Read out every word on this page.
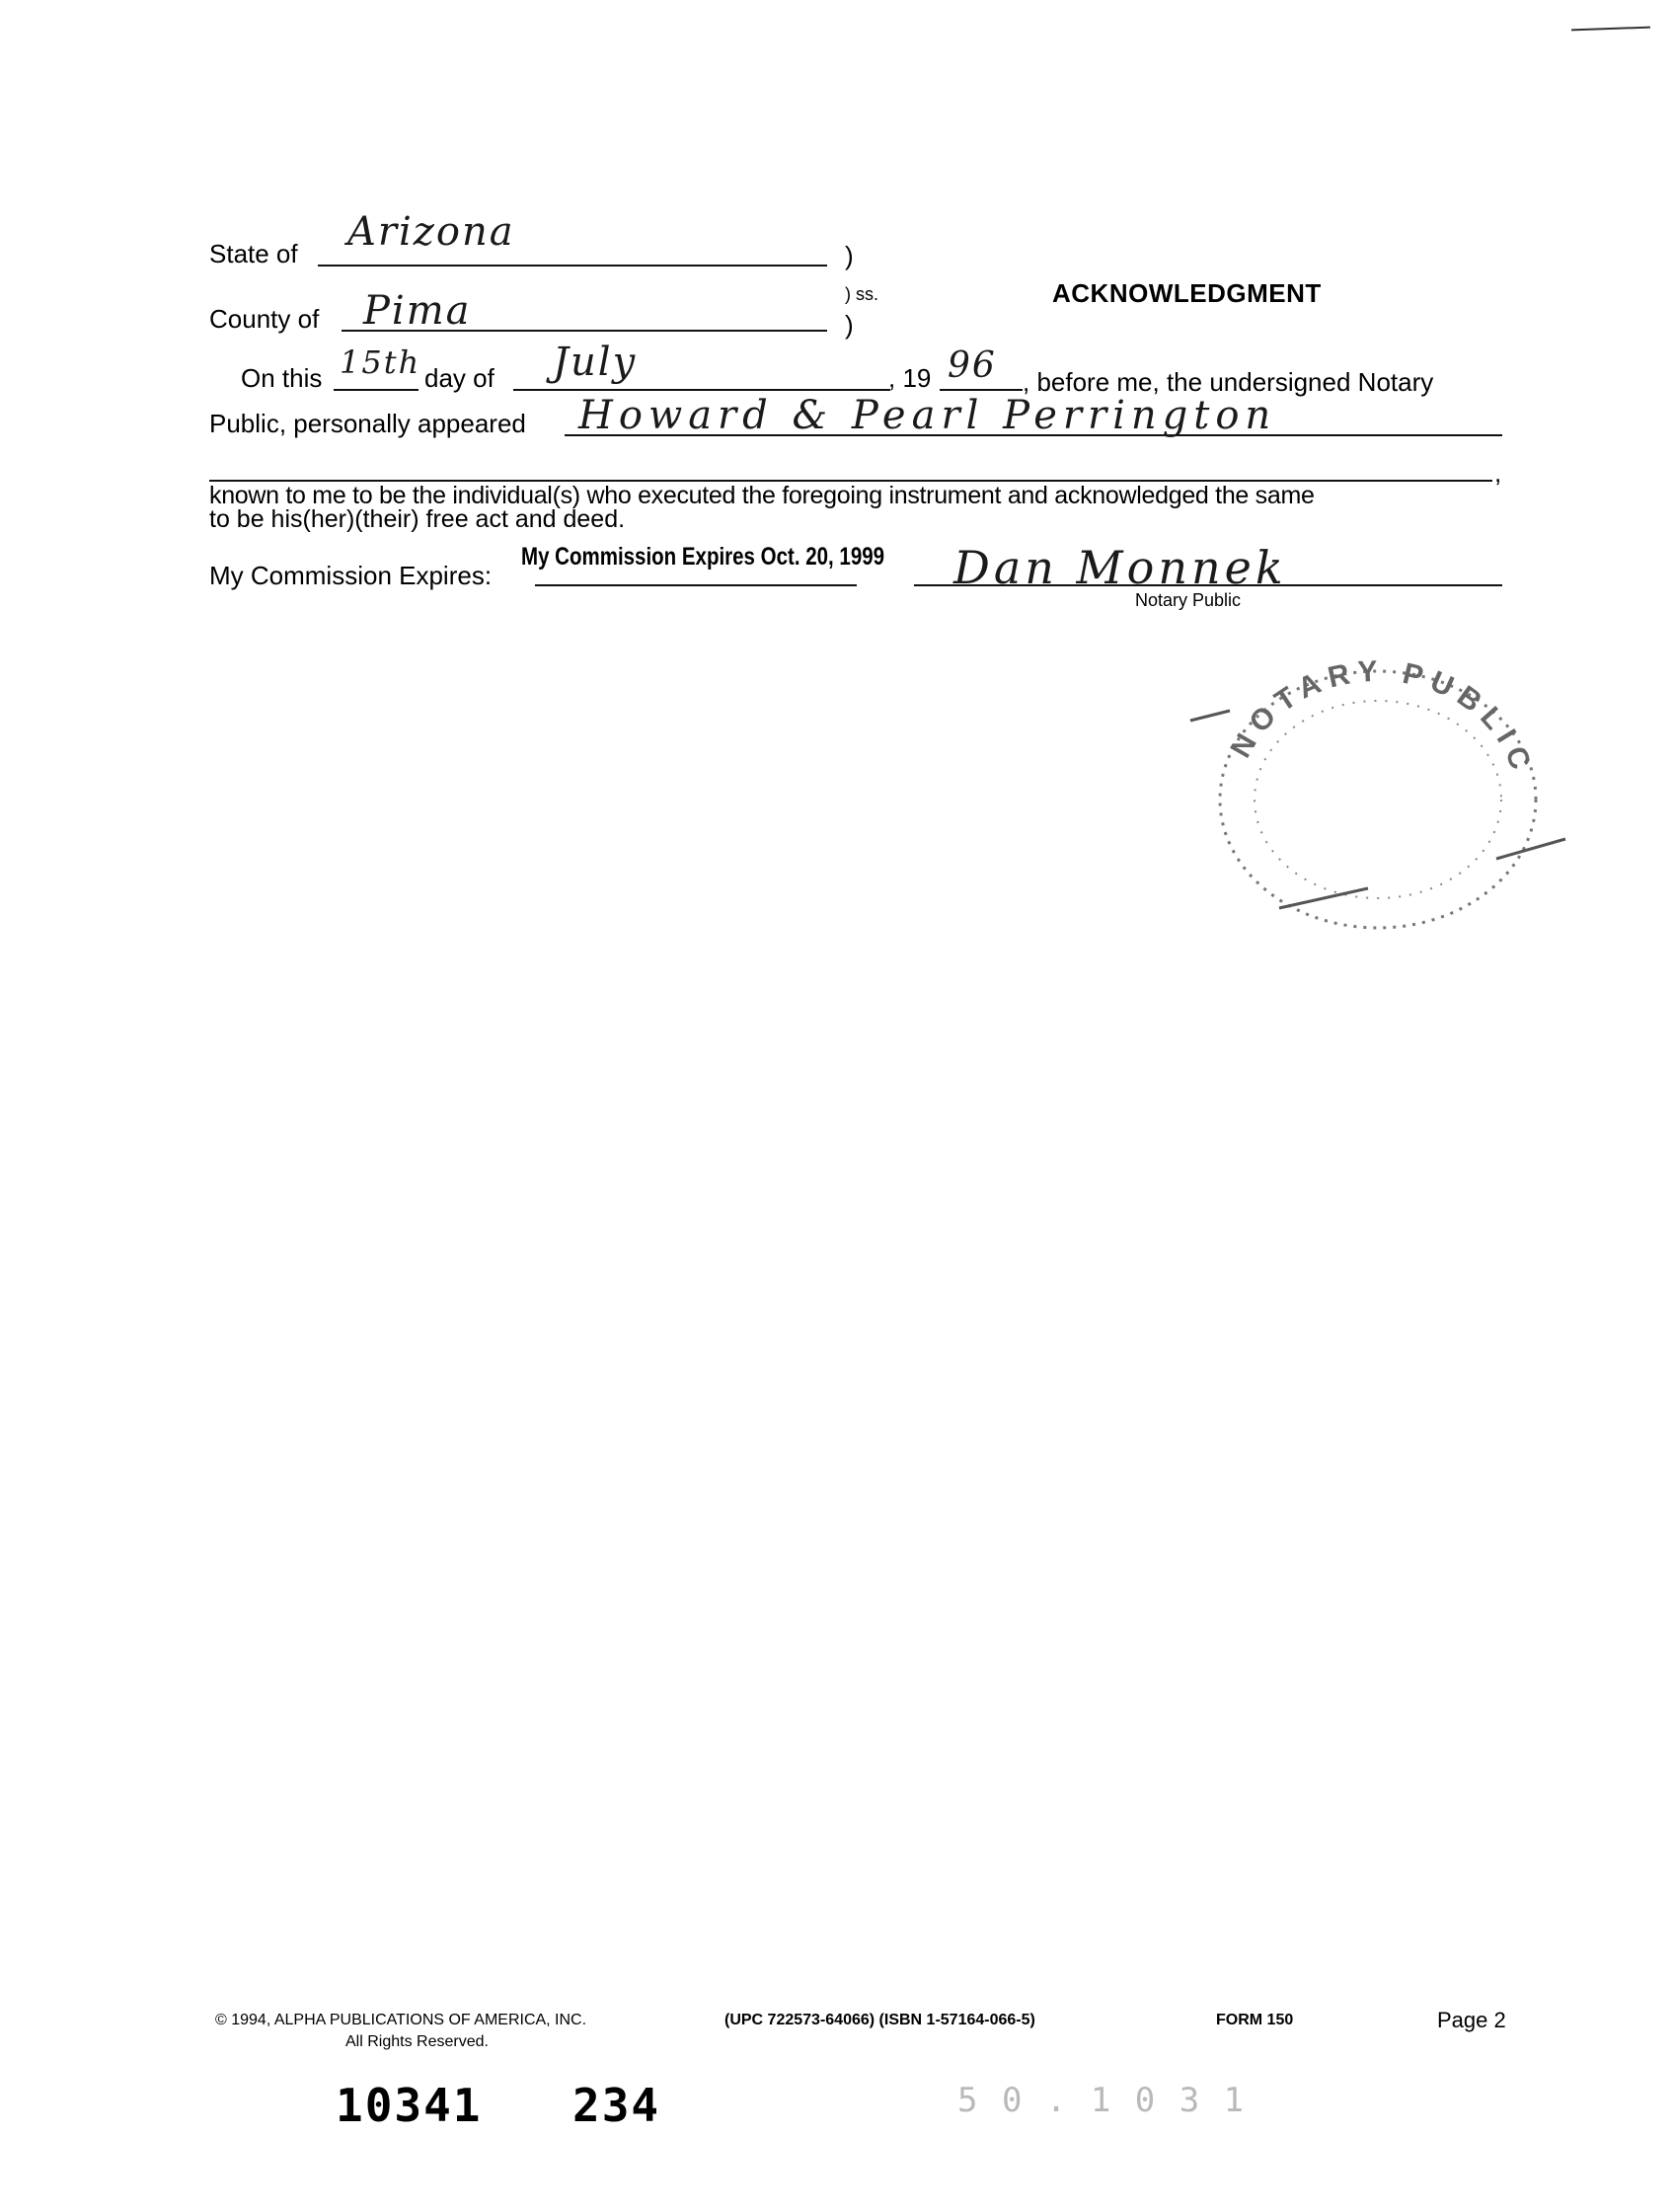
State of Arizona
)
) ss.	ACKNOWLEDGMENT
County of Pima	)
On this 15th day of July	, 19 96 , before me, the undersigned Notary
Public, personally appeared Howard & Pearl Perrington
,
known to me to be the individual(s) who executed the foregoing instrument and acknowledged the same
to be his(her)(their) free act and deed.
My Commission Expires:
My Commission Expires Oct. 20, 1999 Dan Monnek
Notary Public
NOTARY PUBLIC
© 1994, ALPHA PUBLICATIONS OF AMERICA, INC.
All Rights Reserved.
(UPC 722573-64066) (ISBN 1-57164-066-5)	FORM 150	Page 2
10341 234	5 0 . 1 0 3 1
